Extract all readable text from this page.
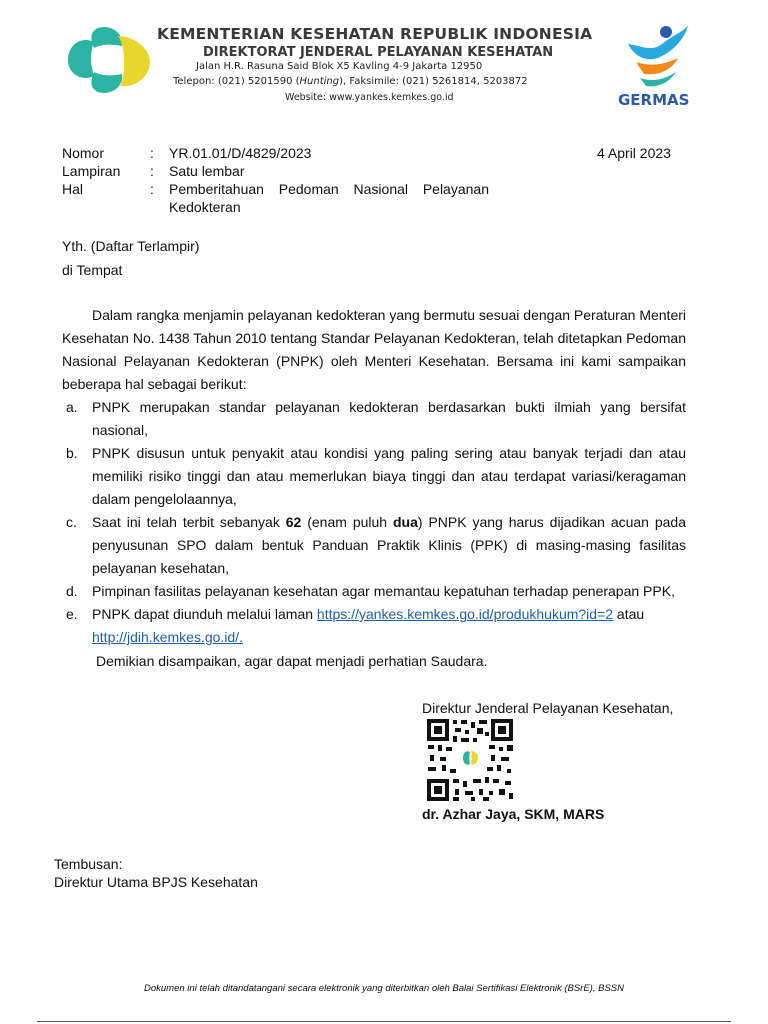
KEMENTERIAN KESEHATAN REPUBLIK INDONESIA
DIREKTORAT JENDERAL PELAYANAN KESEHATAN
Jalan H.R. Rasuna Said Blok X5 Kavling 4-9 Jakarta 12950
Telepon: (021) 5201590 (Hunting), Faksimile: (021) 5261814, 5203872
Website: www.yankes.kemkes.go.id	GERMAS
Nomor	: YR.01.01/D/4829/2023	4 April 2023
Lampiran : Satu lembar
Hal	: Pemberitahuan Pedoman Nasional Pelayanan
Kedokteran
Yth. (Daftar Terlampir)
di Tempat
Dalam rangka menjamin pelayanan kedokteran yang bermutu sesuai dengan Peraturan Menteri Kesehatan No. 1438 Tahun 2010 tentang Standar Pelayanan Kedokteran, telah ditetapkan Pedoman Nasional Pelayanan Kedokteran (PNPK) oleh Menteri Kesehatan. Bersama ini kami sampaikan beberapa hal sebagai berikut:
a. PNPK merupakan standar pelayanan kedokteran berdasarkan bukti ilmiah yang bersifat nasional,
b. PNPK disusun untuk penyakit atau kondisi yang paling sering atau banyak terjadi dan atau memiliki risiko tinggi dan atau memerlukan biaya tinggi dan atau terdapat variasi/keragaman dalam pengelolaannya,
c. Saat ini telah terbit sebanyak 62 (enam puluh dua) PNPK yang harus dijadikan acuan pada penyusunan SPO dalam bentuk Panduan Praktik Klinis (PPK) di masing-masing fasilitas pelayanan kesehatan,
d. Pimpinan fasilitas pelayanan kesehatan agar memantau kepatuhan terhadap penerapan PPK,
e. PNPK dapat diunduh melalui laman https://yankes.kemkes.go.id/produkhukum?id=2 atau
http://jdih.kemkes.go.id/.
Demikian disampaikan, agar dapat menjadi perhatian Saudara.
Direktur Jenderal Pelayanan Kesehatan,
dr. Azhar Jaya, SKM, MARS
Tembusan:
Direktur Utama BPJS Kesehatan
Dokumen ini telah ditandatangani secara elektronik yang diterbitkan oleh Balai Sertifikasi Elektronik (BSrE), BSSN
